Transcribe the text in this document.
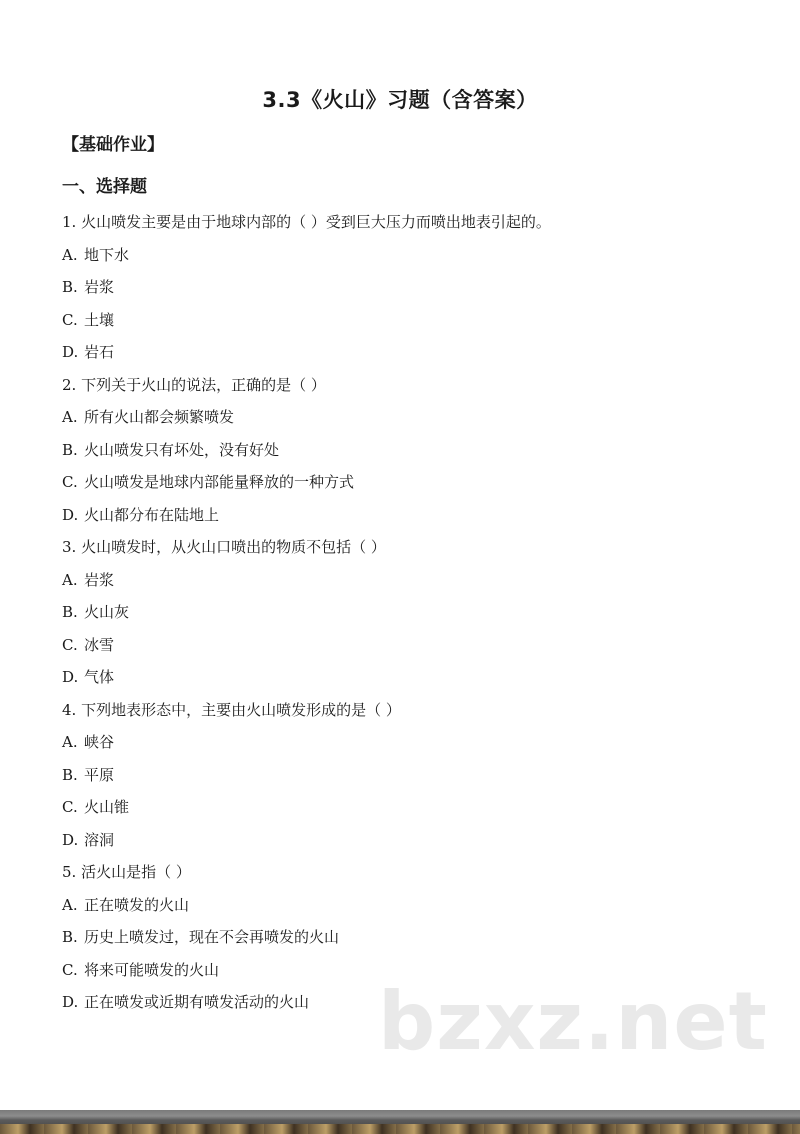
3.3《火山》习题（含答案）
【基础作业】
一、选择题
1. 火山喷发主要是由于地球内部的（ ）受到巨大压力而喷出地表引起的。
A. 地下水
B. 岩浆
C. 土壤
D. 岩石
2. 下列关于火山的说法，正确的是（ ）
A. 所有火山都会频繁喷发
B. 火山喷发只有坏处，没有好处
C. 火山喷发是地球内部能量释放的一种方式
D. 火山都分布在陆地上
3. 火山喷发时，从火山口喷出的物质不包括（ ）
A. 岩浆
B. 火山灰
C. 冰雪
D. 气体
4. 下列地表形态中，主要由火山喷发形成的是（ ）
A. 峡谷
B. 平原
C. 火山锥
D. 溶洞
5. 活火山是指（ ）
A. 正在喷发的火山
B. 历史上喷发过，现在不会再喷发的火山
C. 将来可能喷发的火山
D. 正在喷发或近期有喷发活动的火山 bzxz.net
